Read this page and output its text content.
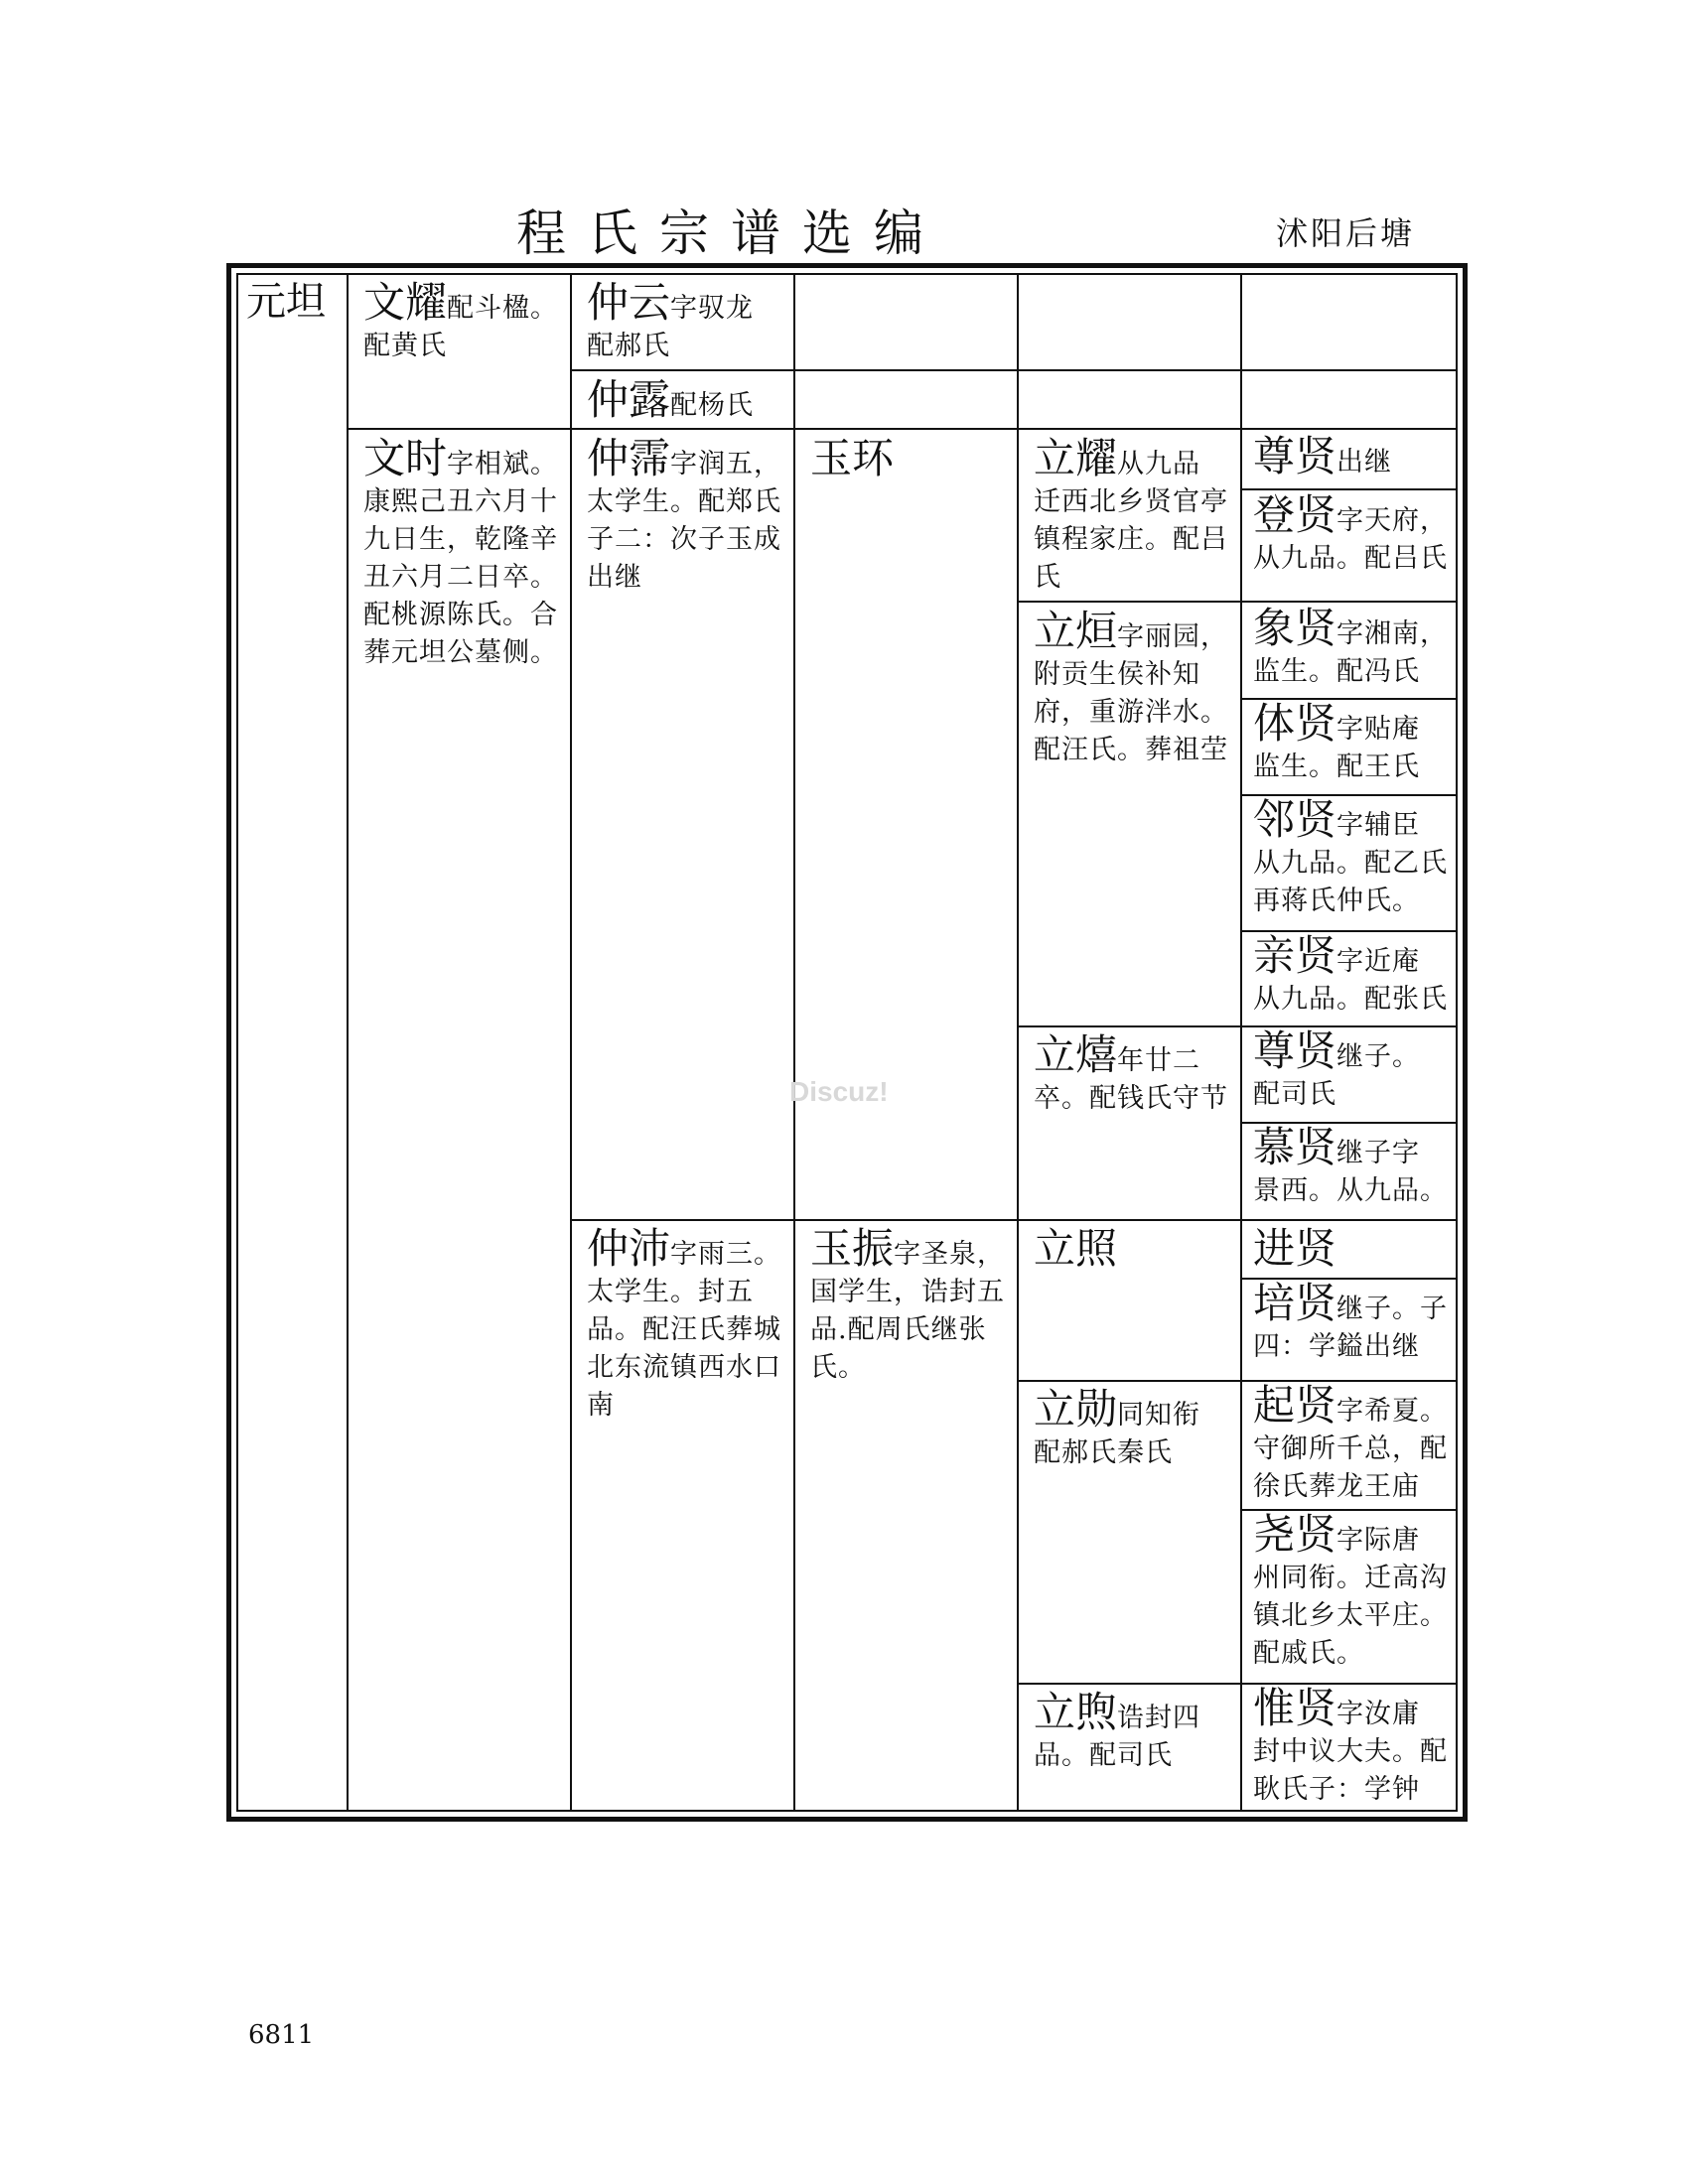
程氏宗谱选编	沭阳后塘
元坦 文耀配斗楹。
配黄氏
文时字相斌。
康熙己丑六月十九日生，乾隆辛丑六月二日卒。配桃源陈氏。合葬元坦公墓侧。
仲云字驭龙
配郝氏
仲露配杨氏
仲霈字润五，
太学生。配郑氏子二：次子玉成出继
仲沛字雨三。
太学生。封五品。配汪氏葬城北东流镇西水口南
玉环
玉振字圣泉，
国学生，诰封五品.配周氏继张氏。
立耀从九品
迁西北乡贤官亭镇程家庄。配吕氏
立烜字丽园，
附贡生侯补知府，重游泮水。配汪氏。葬祖茔
立熺年廿二
卒。配钱氏守节
立照
立勋同知衔
配郝氏秦氏
立煦诰封四
品。配司氏
尊贤出继
登贤字天府，
从九品。配吕氏
象贤字湘南，
监生。配冯氏
体贤字贴庵
监生。配王氏
邻贤字辅臣
从九品。配乙氏再蒋氏仲氏。
亲贤字近庵
从九品。配张氏
尊贤继子。
配司氏
慕贤继子字
景西。从九品。
进贤
培贤继子。子
四：学鎰出继
起贤字希夏。
守御所千总，配徐氏葬龙王庙
尧贤字际唐
州同衔。迁高沟镇北乡太平庄。配戚氏。
惟贤字汝庸
封中议大夫。配耿氏子：学钟
Discuz!
6811
